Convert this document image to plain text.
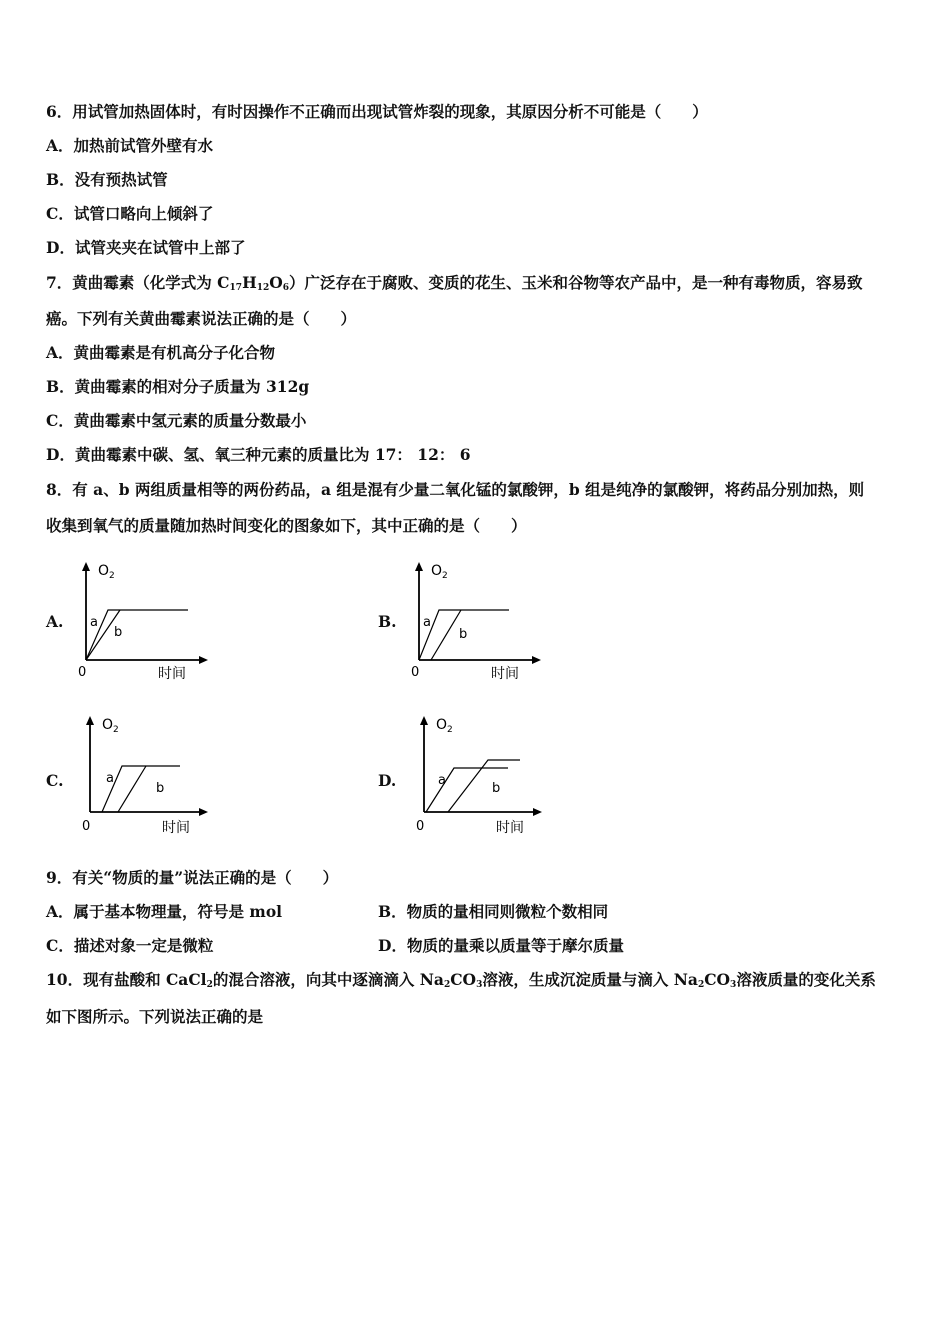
6．用试管加热固体时，有时因操作不正确而出现试管炸裂的现象，其原因分析不可能是（　　）
A．加热前试管外壁有水
B．没有预热试管
C．试管口略向上倾斜了
D．试管夹夹在试管中上部了
7．黄曲霉素（化学式为 $C_{17}H_{12}O_6$）广泛存在于腐败、变质的花生、玉米和谷物等农产品中，是一种有毒物质，容易致
癌。下列有关黄曲霉素说法正确的是（　　）
A．黄曲霉素是有机高分子化合物
B．黄曲霉素的相对分子质量为 312g
C．黄曲霉素中氢元素的质量分数最小
D．黄曲霉素中碳、氢、氧三种元素的质量比为 17： 12： 6
8．有 a、b 两组质量相等的两份药品，a 组是混有少量二氧化锰的氯酸钾，b 组是纯净的氯酸钾，将药品分别加热，则
收集到氧气的质量随加热时间变化的图象如下，其中正确的是（　　）
A.
$O_2$
0	时间
a
b
B.
$O_2$
0	时间
a
b
C.
$O_2$
0	时间
a
b	D.
$O_2$
0	时间
a
b
9．有关“物质的量”说法正确的是（　　）
A．属于基本物理量，符号是 mol	B．物质的量相同则微粒个数相同
C．描述对象一定是微粒	D．物质的量乘以质量等于摩尔质量
10．现有盐酸和 CaCl$_2$的混合溶液，向其中逐滴滴入 $Na_2CO_3$溶液，生成沉淀质量与滴入 $Na_2CO_3$溶液质量的变化关系
如下图所示。下列说法正确的是
